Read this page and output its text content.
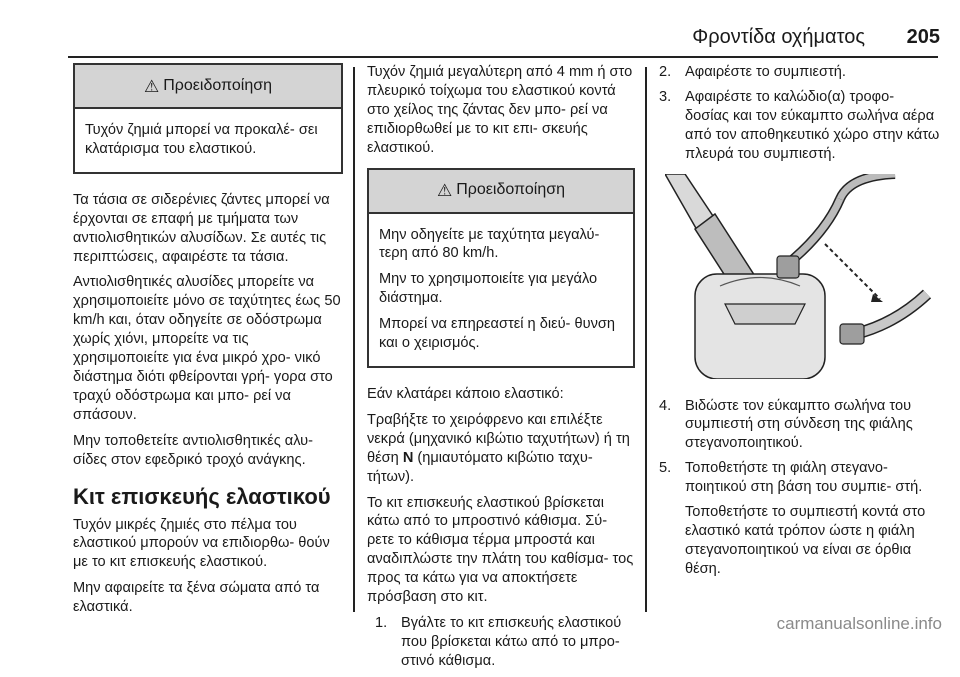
Φροντίδα οχήματος 205
⚠ Προειδοποίηση

Τυχόν ζημιά μπορεί να προκαλέ- σει κλατάρισμα του ελαστικού.

Τα τάσια σε σιδερένιες ζάντες μπορεί να έρχονται σε επαφή με τμήματα των αντιολισθητικών αλυσίδων. Σε αυτές τις περιπτώσεις, αφαιρέστε τα τάσια.

Αντιολισθητικές αλυσίδες μπορείτε να χρησιμοποιείτε μόνο σε ταχύτητες έως 50 km/h και, όταν οδηγείτε σε οδόστρωμα χωρίς χιόνι, μπορείτε να τις χρησιμοποιείτε για ένα μικρό χρο- νικό διάστημα διότι φθείρονται γρή- γορα στο τραχύ οδόστρωμα και μπο- ρεί να σπάσουν.

Μην τοποθετείτε αντιολισθητικές αλυ- σίδες στον εφεδρικό τροχό ανάγκης.

Κιτ επισκευής ελαστικού

Τυχόν μικρές ζημιές στο πέλμα του ελαστικού μπορούν να επιδιορθω- θούν με το κιτ επισκευής ελαστικού.

Μην αφαιρείτε τα ξένα σώματα από τα ελαστικά.

Τυχόν ζημιά μεγαλύτερη από 4 mm ή στο πλευρικό τοίχωμα του ελαστικού κοντά στο χείλος της ζάντας δεν μπο- ρεί να επιδιορθωθεί με το κιτ επι- σκευής ελαστικού.

⚠ Προειδοποίηση

Μην οδηγείτε με ταχύτητα μεγαλύ- τερη από 80 km/h.

Μην το χρησιμοποιείτε για μεγάλο διάστημα.

Μπορεί να επηρεαστεί η διεύ- θυνση και ο χειρισμός.

Εάν κλατάρει κάποιο ελαστικό:

Τραβήξτε το χειρόφρενο και επιλέξτε νεκρά (μηχανικό κιβώτιο ταχυτήτων) ή τη θέση N (ημιαυτόματο κιβώτιο ταχυ- τήτων).

Το κιτ επισκευής ελαστικού βρίσκεται κάτω από το μπροστινό κάθισμα. Σύ- ρετε το κάθισμα τέρμα μπροστά και αναδιπλώστε την πλάτη του καθίσμα- τος προς τα κάτω για να αποκτήσετε πρόσβαση στο κιτ.

1. Βγάλτε το κιτ επισκευής ελαστικού που βρίσκεται κάτω από το μπρο- στινό κάθισμα.
2. Αφαιρέστε το συμπιεστή.
3. Αφαιρέστε το καλώδιο(α) τροφο- δοσίας και τον εύκαμπτο σωλήνα αέρα από τον αποθηκευτικό χώρο στην κάτω πλευρά του συμπιεστή.
4. Βιδώστε τον εύκαμπτο σωλήνα του συμπιεστή στη σύνδεση της φιάλης στεγανοποιητικού.
5. Τοποθετήστε τη φιάλη στεγανο- ποιητικού στη βάση του συμπιε- στή.
Τοποθετήστε το συμπιεστή κοντά στο ελαστικό κατά τρόπον ώστε η φιάλη στεγανοποιητικού να είναι σε όρθια θέση.
carmanualsonline.info
